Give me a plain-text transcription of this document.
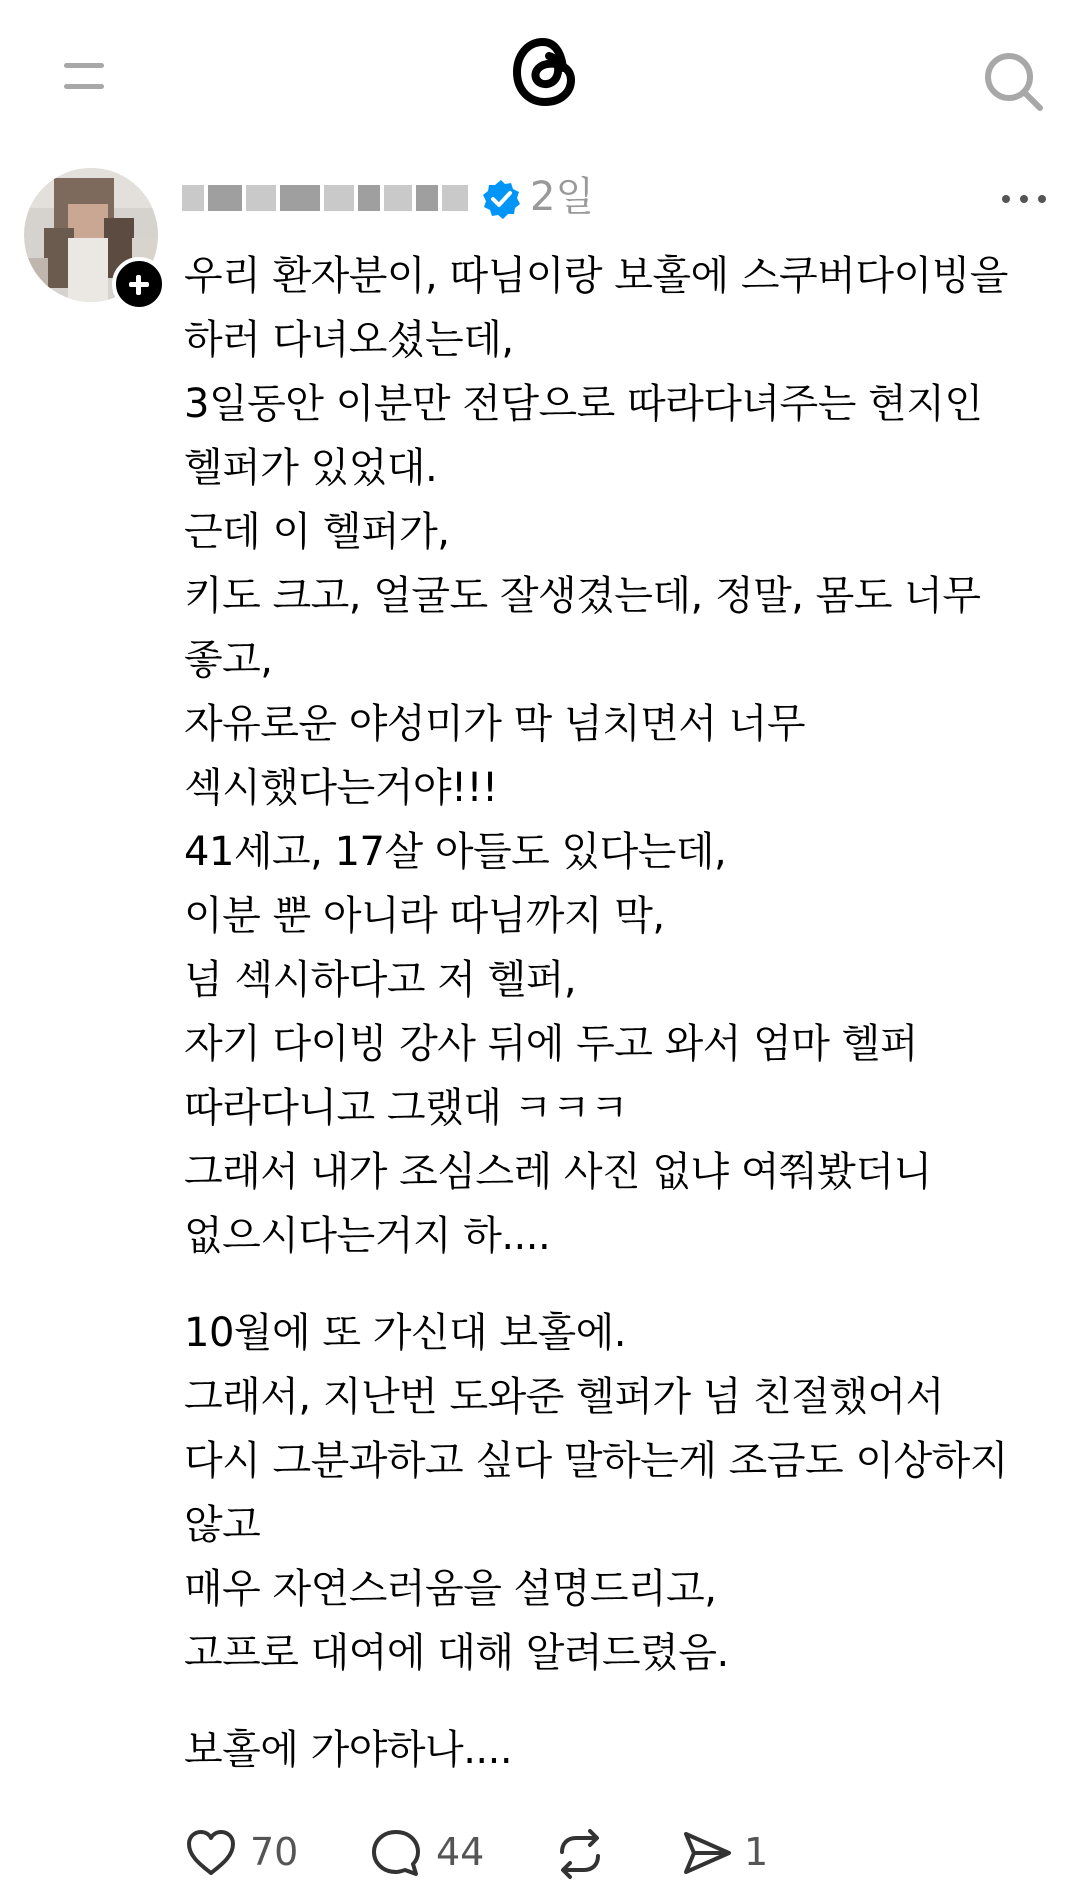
2일
우리 환자분이, 따님이랑 보홀에 스쿠버다이빙을
하러 다녀오셨는데,
3일동안 이분만 전담으로 따라다녀주는 현지인
헬퍼가 있었대.
근데 이 헬퍼가,
키도 크고, 얼굴도 잘생겼는데, 정말, 몸도 너무
좋고,
자유로운 야성미가 막 넘치면서 너무
섹시했다는거야!!!
41세고, 17살 아들도 있다는데,
이분 뿐 아니라 따님까지 막,
넘 섹시하다고 저 헬퍼,
자기 다이빙 강사 뒤에 두고 와서 엄마 헬퍼
따라다니고 그랬대 ㅋㅋㅋ
그래서 내가 조심스레 사진 없냐 여쭤봤더니
없으시다는거지 하....
10월에 또 가신대 보홀에.
그래서, 지난번 도와준 헬퍼가 넘 친절했어서
다시 그분과하고 싶다 말하는게 조금도 이상하지
않고
매우 자연스러움을 설명드리고,
고프로 대여에 대해 알려드렸음.
보홀에 가야하나....
70	44	1
